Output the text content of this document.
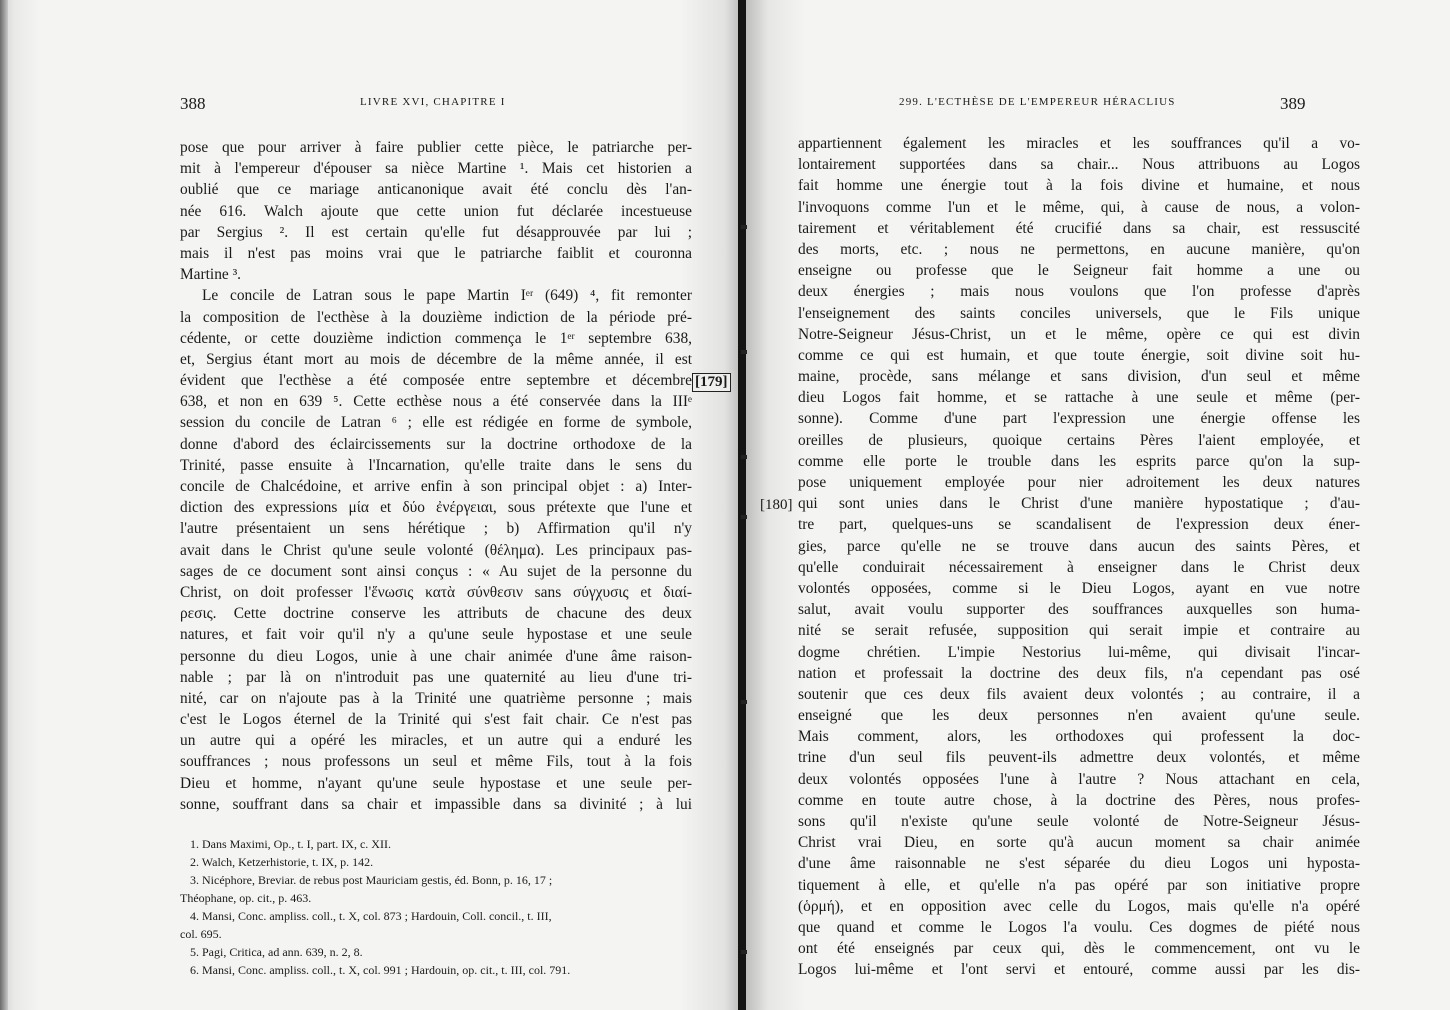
388	LIVRE XVI, CHAPITRE I
pose que pour arriver à faire publier cette pièce, le patriarche per-
mit à l'empereur d'épouser sa nièce Martine ¹. Mais cet historien a
oublié que ce mariage anticanonique avait été conclu dès l'an-
née 616. Walch ajoute que cette union fut déclarée incestueuse
par Sergius ². Il est certain qu'elle fut désapprouvée par lui ;
mais il n'est pas moins vrai que le patriarche faiblit et couronna
Martine ³.
Le concile de Latran sous le pape Martin Iᵉʳ (649) ⁴, fit remonter
la composition de l'ecthèse à la douzième indiction de la période pré-
cédente, or cette douzième indiction commença le 1ᵉʳ septembre 638,
et, Sergius étant mort au mois de décembre de la même année, il est
évident que l'ecthèse a été composée entre septembre et décembre
638, et non en 639 ⁵. Cette ecthèse nous a été conservée dans la IIIᵉ
session du concile de Latran ⁶ ; elle est rédigée en forme de symbole,
donne d'abord des éclaircissements sur la doctrine orthodoxe de la
Trinité, passe ensuite à l'Incarnation, qu'elle traite dans le sens du
concile de Chalcédoine, et arrive enfin à son principal objet : a) Inter-
diction des expressions μία et δύο ἐνέργειαι, sous prétexte que l'une et
l'autre présentaient un sens hérétique ; b) Affirmation qu'il n'y
avait dans le Christ qu'une seule volonté (θέλημα). Les principaux pas-
sages de ce document sont ainsi conçus : « Au sujet de la personne du
Christ, on doit professer l'ἕνωσις κατὰ σύνθεσιν sans σύγχυσις et διαί-
ρεσις. Cette doctrine conserve les attributs de chacune des deux
natures, et fait voir qu'il n'y a qu'une seule hypostase et une seule
personne du dieu Logos, unie à une chair animée d'une âme raison-
nable ; par là on n'introduit pas une quaternité au lieu d'une tri-
nité, car on n'ajoute pas à la Trinité une quatrième personne ; mais
c'est le Logos éternel de la Trinité qui s'est fait chair. Ce n'est pas
un autre qui a opéré les miracles, et un autre qui a enduré les
souffrances ; nous professons un seul et même Fils, tout à la fois
Dieu et homme, n'ayant qu'une seule hypostase et une seule per-
sonne, souffrant dans sa chair et impassible dans sa divinité ; à lui
1. Dans Maximi, Op., t. I, part. IX, c. XII.
2. Walch, Ketzerhistorie, t. IX, p. 142.
3. Nicéphore, Breviar. de rebus post Mauriciam gestis, éd. Bonn, p. 16, 17 ;
Théophane, op. cit., p. 463.
4. Mansi, Conc. ampliss. coll., t. X, col. 873 ; Hardouin, Coll. concil., t. III,
col. 695.
5. Pagi, Critica, ad ann. 639, n. 2, 8.
6. Mansi, Conc. ampliss. coll., t. X, col. 991 ; Hardouin, op. cit., t. III, col. 791.
[179]
299. L'ECTHÈSE DE L'EMPEREUR HÉRACLIUS	389
appartiennent également les miracles et les souffrances qu'il a vo-
lontairement supportées dans sa chair... Nous attribuons au Logos
fait homme une énergie tout à la fois divine et humaine, et nous
l'invoquons comme l'un et le même, qui, à cause de nous, a volon-
tairement et véritablement été crucifié dans sa chair, est ressuscité
des morts, etc. ; nous ne permettons, en aucune manière, qu'on
enseigne ou professe que le Seigneur fait homme a une ou
deux énergies ; mais nous voulons que l'on professe d'après
l'enseignement des saints conciles universels, que le Fils unique
Notre-Seigneur Jésus-Christ, un et le même, opère ce qui est divin
comme ce qui est humain, et que toute énergie, soit divine soit hu-
maine, procède, sans mélange et sans division, d'un seul et même
dieu Logos fait homme, et se rattache à une seule et même (per-
sonne). Comme d'une part l'expression une énergie offense les
oreilles de plusieurs, quoique certains Pères l'aient employée, et
comme elle porte le trouble dans les esprits parce qu'on la sup-
pose uniquement employée pour nier adroitement les deux natures
qui sont unies dans le Christ d'une manière hypostatique ; d'au-
tre part, quelques-uns se scandalisent de l'expression deux éner-
gies, parce qu'elle ne se trouve dans aucun des saints Pères, et
qu'elle conduirait nécessairement à enseigner dans le Christ deux
volontés opposées, comme si le Dieu Logos, ayant en vue notre
salut, avait voulu supporter des souffrances auxquelles son huma-
nité se serait refusée, supposition qui serait impie et contraire au
dogme chrétien. L'impie Nestorius lui-même, qui divisait l'incar-
nation et professait la doctrine des deux fils, n'a cependant pas osé
soutenir que ces deux fils avaient deux volontés ; au contraire, il a
enseigné que les deux personnes n'en avaient qu'une seule.
Mais comment, alors, les orthodoxes qui professent la doc-
trine d'un seul fils peuvent-ils admettre deux volontés, et même
deux volontés opposées l'une à l'autre ? Nous attachant en cela,
comme en toute autre chose, à la doctrine des Pères, nous profes-
sons qu'il n'existe qu'une seule volonté de Notre-Seigneur Jésus-
Christ vrai Dieu, en sorte qu'à aucun moment sa chair animée
d'une âme raisonnable ne s'est séparée du dieu Logos uni hyposta-
tiquement à elle, et qu'elle n'a pas opéré par son initiative propre
(ὁρμή), et en opposition avec celle du Logos, mais qu'elle n'a opéré
que quand et comme le Logos l'a voulu. Ces dogmes de piété nous
ont été enseignés par ceux qui, dès le commencement, ont vu le
Logos lui-même et l'ont servi et entouré, comme aussi par les dis-
[180]
